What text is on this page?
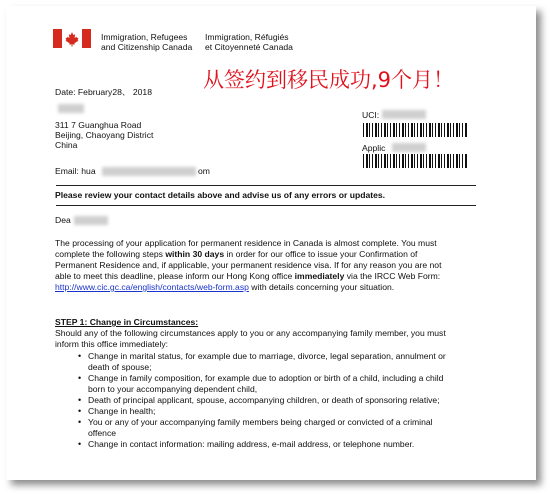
Immigration, Refugees
and Citizenship Canada
Immigration, Réfugiés
et Citoyenneté Canada
从签约到移民成功,9个月！
Date: February28、 2018
311 7 Guanghua Road
Beijing, Chaoyang District
China
UCI:
Applic
Email: hua	om
Please review your contact details above and advise us of any errors or updates.
Dea
The processing of your application for permanent residence in Canada is almost complete. You must
complete the following steps within 30 days in order for our office to issue your Confirmation of
Permanent Residence and, if applicable, your permanent residence visa. If for any reason you are not
able to meet this deadline, please inform our Hong Kong office immediately via the IRCC Web Form:
http://www.cic.gc.ca/english/contacts/web-form.asp with details concerning your situation.
STEP 1: Change in Circumstances:
Should any of the following circumstances apply to you or any accompanying family member, you must
inform this office immediately:
• Change in marital status, for example due to marriage, divorce, legal separation, annulment or
death of spouse;
• Change in family composition, for example due to adoption or birth of a child, including a child
born to your accompanying dependent child,
• Death of principal applicant, spouse, accompanying children, or death of sponsoring relative;
• Change in health;
• You or any of your accompanying family members being charged or convicted of a criminal
offence
• Change in contact information: mailing address, e-mail address, or telephone number.
